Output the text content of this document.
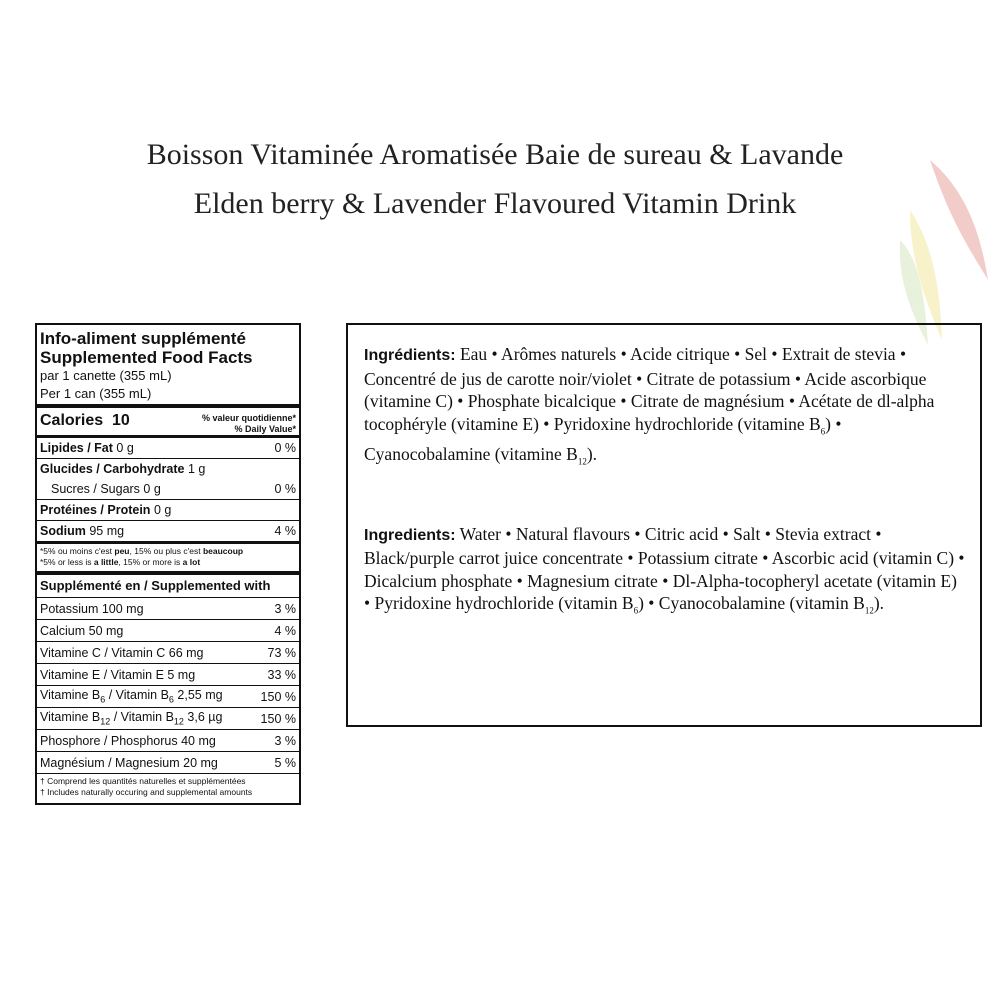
Boisson Vitaminée Aromatisée Baie de sureau & Lavande
Elden berry & Lavender Flavoured Vitamin Drink
Info-aliment supplémenté
Supplemented Food Facts
par 1 canette (355 mL)
Per 1 can (355 mL)
Calories 10	% valeur quotidienne*
% Daily Value*
Lipides / Fat 0 g	0 %
Glucides / Carbohydrate 1 g
Sucres / Sugars 0 g	0 %
Protéines / Protein 0 g
Sodium 95 mg	4 %
*5% ou moins c'est peu, 15% ou plus c'est beaucoup
*5% or less is a little, 15% or more is a lot
Supplémenté en / Supplemented with
Potassium 100 mg	3 %
Calcium 50 mg	4 %
Vitamine C / Vitamin C 66 mg	73 %
Vitamine E / Vitamin E 5 mg	33 %
Vitamine $B_6$ / Vitamin $B_6$ 2,55 mg	150 %
Vitamine $B_{12}$ / Vitamin $B_{12}$ 3,6 µg	150 %
Phosphore / Phosphorus 40 mg	3 %
Magnésium / Magnesium 20 mg	5 %
† Comprend les quantités naturelles et supplémentées
† Includes naturally occuring and supplemental amounts

Ingrédients: Eau • Arômes naturels • Acide citrique • Sel • Extrait de stevia • Concentré de jus de carotte noir/violet • Citrate de potassium • Acide ascorbique (vitamine C) • Phosphate bicalcique • Citrate de magnésium • Acétate de dl-alpha tocophéryle (vitamine E) • Pyridoxine hydrochloride (vitamine $B_6$) • Cyanocobalamine (vitamine $B_{12}$).

Ingredients: Water • Natural flavours • Citric acid • Salt • Stevia extract • Black/purple carrot juice concentrate • Potassium citrate • Ascorbic acid (vitamin C) • Dicalcium phosphate • Magnesium citrate • Dl-Alpha-tocopheryl acetate (vitamin E) • Pyridoxine hydrochloride (vitamin $B_6$) • Cyanocobalamine (vitamin $B_{12}$).
